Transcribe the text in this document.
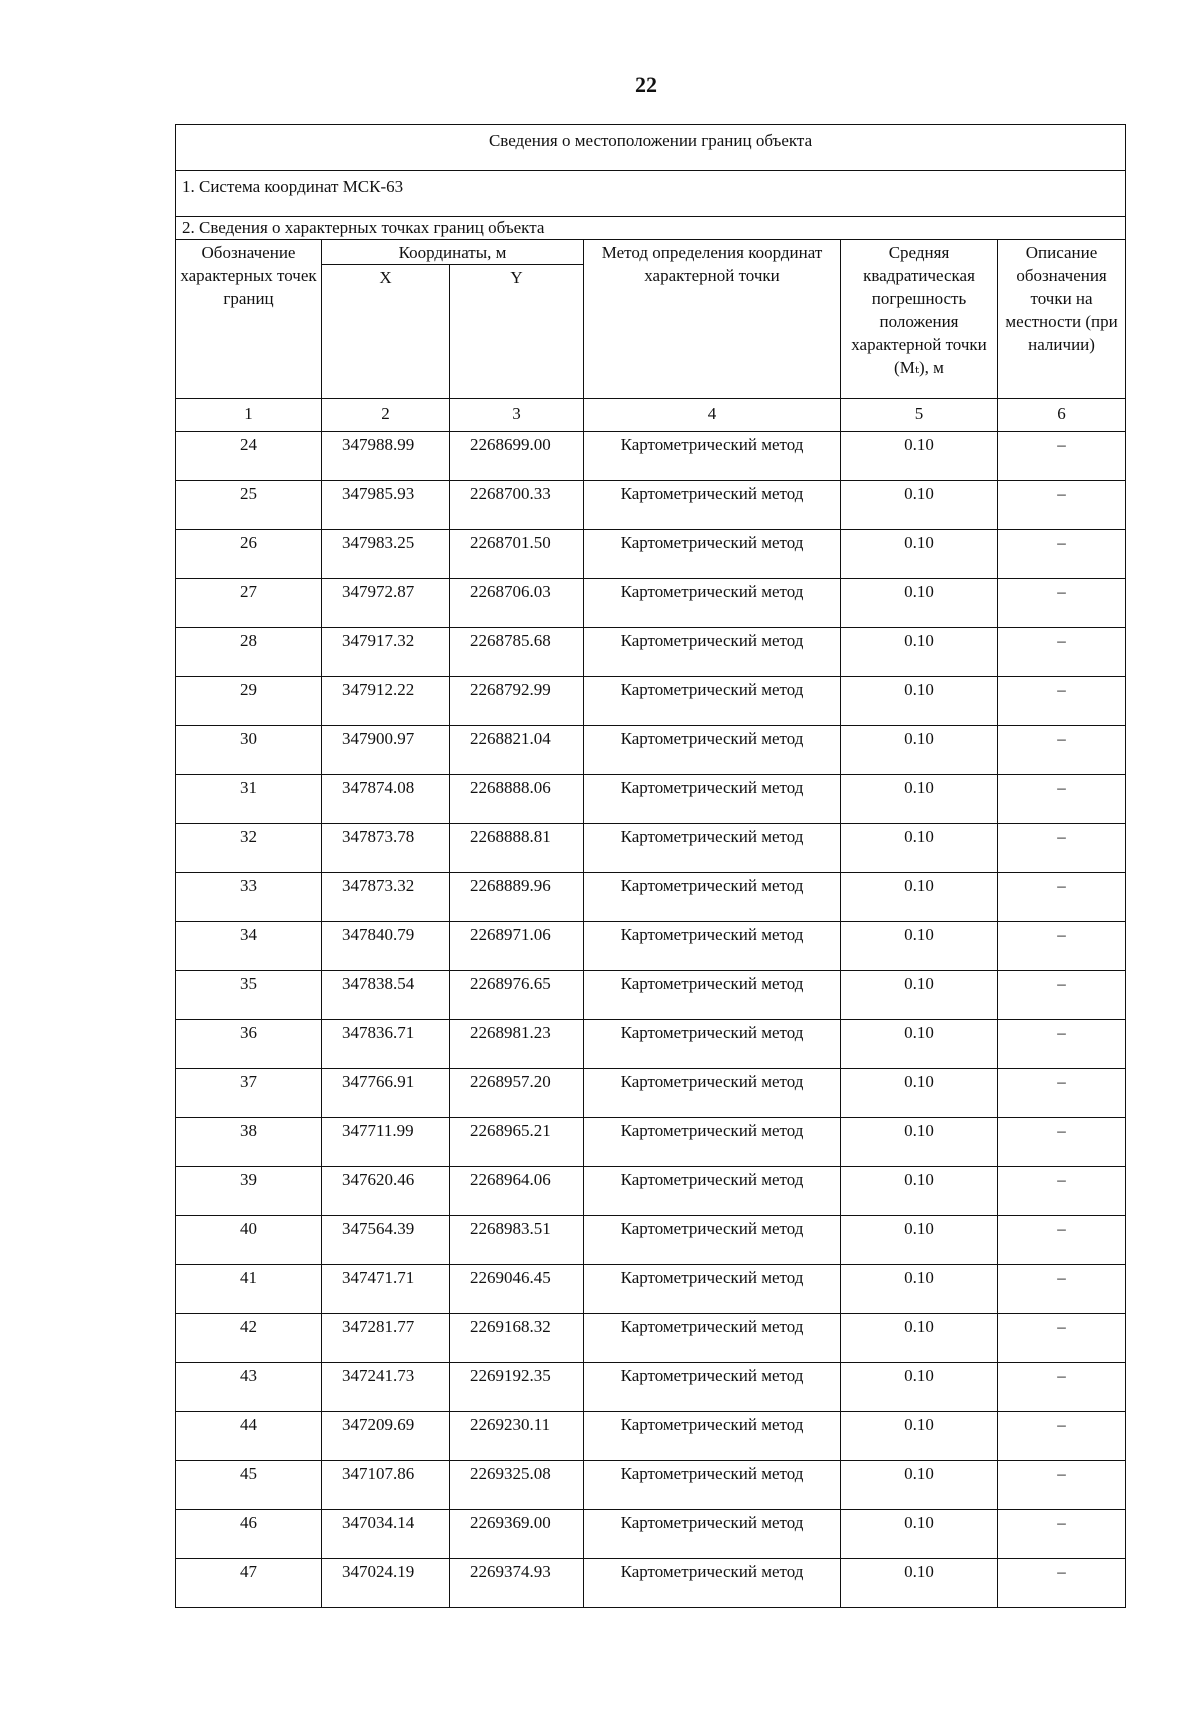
22
Сведения о местоположении границ объекта					
1. Система координат МСК-63					
2. Сведения о характерных точках границ объекта					
Обозначение характерных точек границ	Координаты, м		Метод определения координат характерной точки	Средняя квадратическая погрешность положения характерной точки (Mₜ), м	Описание обозначения точки на местности (при наличии)
	X	Y			
1	2	3	4	5	6
24	347988.99	2268699.00	Картометрический метод	0.10	–
25	347985.93	2268700.33	Картометрический метод	0.10	–
26	347983.25	2268701.50	Картометрический метод	0.10	–
27	347972.87	2268706.03	Картометрический метод	0.10	–
28	347917.32	2268785.68	Картометрический метод	0.10	–
29	347912.22	2268792.99	Картометрический метод	0.10	–
30	347900.97	2268821.04	Картометрический метод	0.10	–
31	347874.08	2268888.06	Картометрический метод	0.10	–
32	347873.78	2268888.81	Картометрический метод	0.10	–
33	347873.32	2268889.96	Картометрический метод	0.10	–
34	347840.79	2268971.06	Картометрический метод	0.10	–
35	347838.54	2268976.65	Картометрический метод	0.10	–
36	347836.71	2268981.23	Картометрический метод	0.10	–
37	347766.91	2268957.20	Картометрический метод	0.10	–
38	347711.99	2268965.21	Картометрический метод	0.10	–
39	347620.46	2268964.06	Картометрический метод	0.10	–
40	347564.39	2268983.51	Картометрический метод	0.10	–
41	347471.71	2269046.45	Картометрический метод	0.10	–
42	347281.77	2269168.32	Картометрический метод	0.10	–
43	347241.73	2269192.35	Картометрический метод	0.10	–
44	347209.69	2269230.11	Картометрический метод	0.10	–
45	347107.86	2269325.08	Картометрический метод	0.10	–
46	347034.14	2269369.00	Картометрический метод	0.10	–
47	347024.19	2269374.93	Картометрический метод	0.10	–
